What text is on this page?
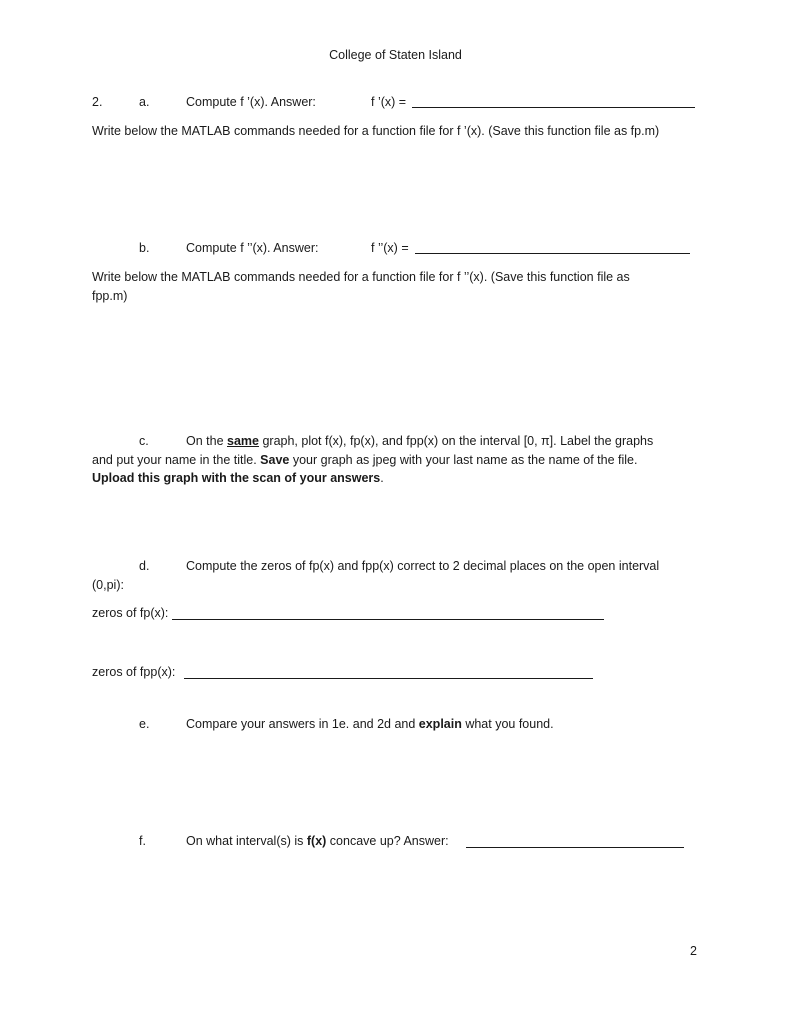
College of Staten Island
2.	a.	Compute f ’(x). Answer:	f ’(x) =
Write below the MATLAB commands needed for a function file for f ’(x). (Save this function file as fp.m)
b.	Compute f ’’(x). Answer:	f ’’(x) =
Write below the MATLAB commands needed for a function file for f ’’(x). (Save this function file as
fpp.m)
c.	On the same graph, plot f(x), fp(x), and fpp(x) on the interval [0, π]. Label the graphs
and put your name in the title. Save your graph as jpeg with your last name as the name of the file.
Upload this graph with the scan of your answers.
d.	Compute the zeros of fp(x) and fpp(x) correct to 2 decimal places on the open interval
(0,pi):
zeros of fp(x):
zeros of fpp(x):
e.	Compare your answers in 1e. and 2d and explain what you found.
f.	On what interval(s) is f(x) concave up? Answer:
2
